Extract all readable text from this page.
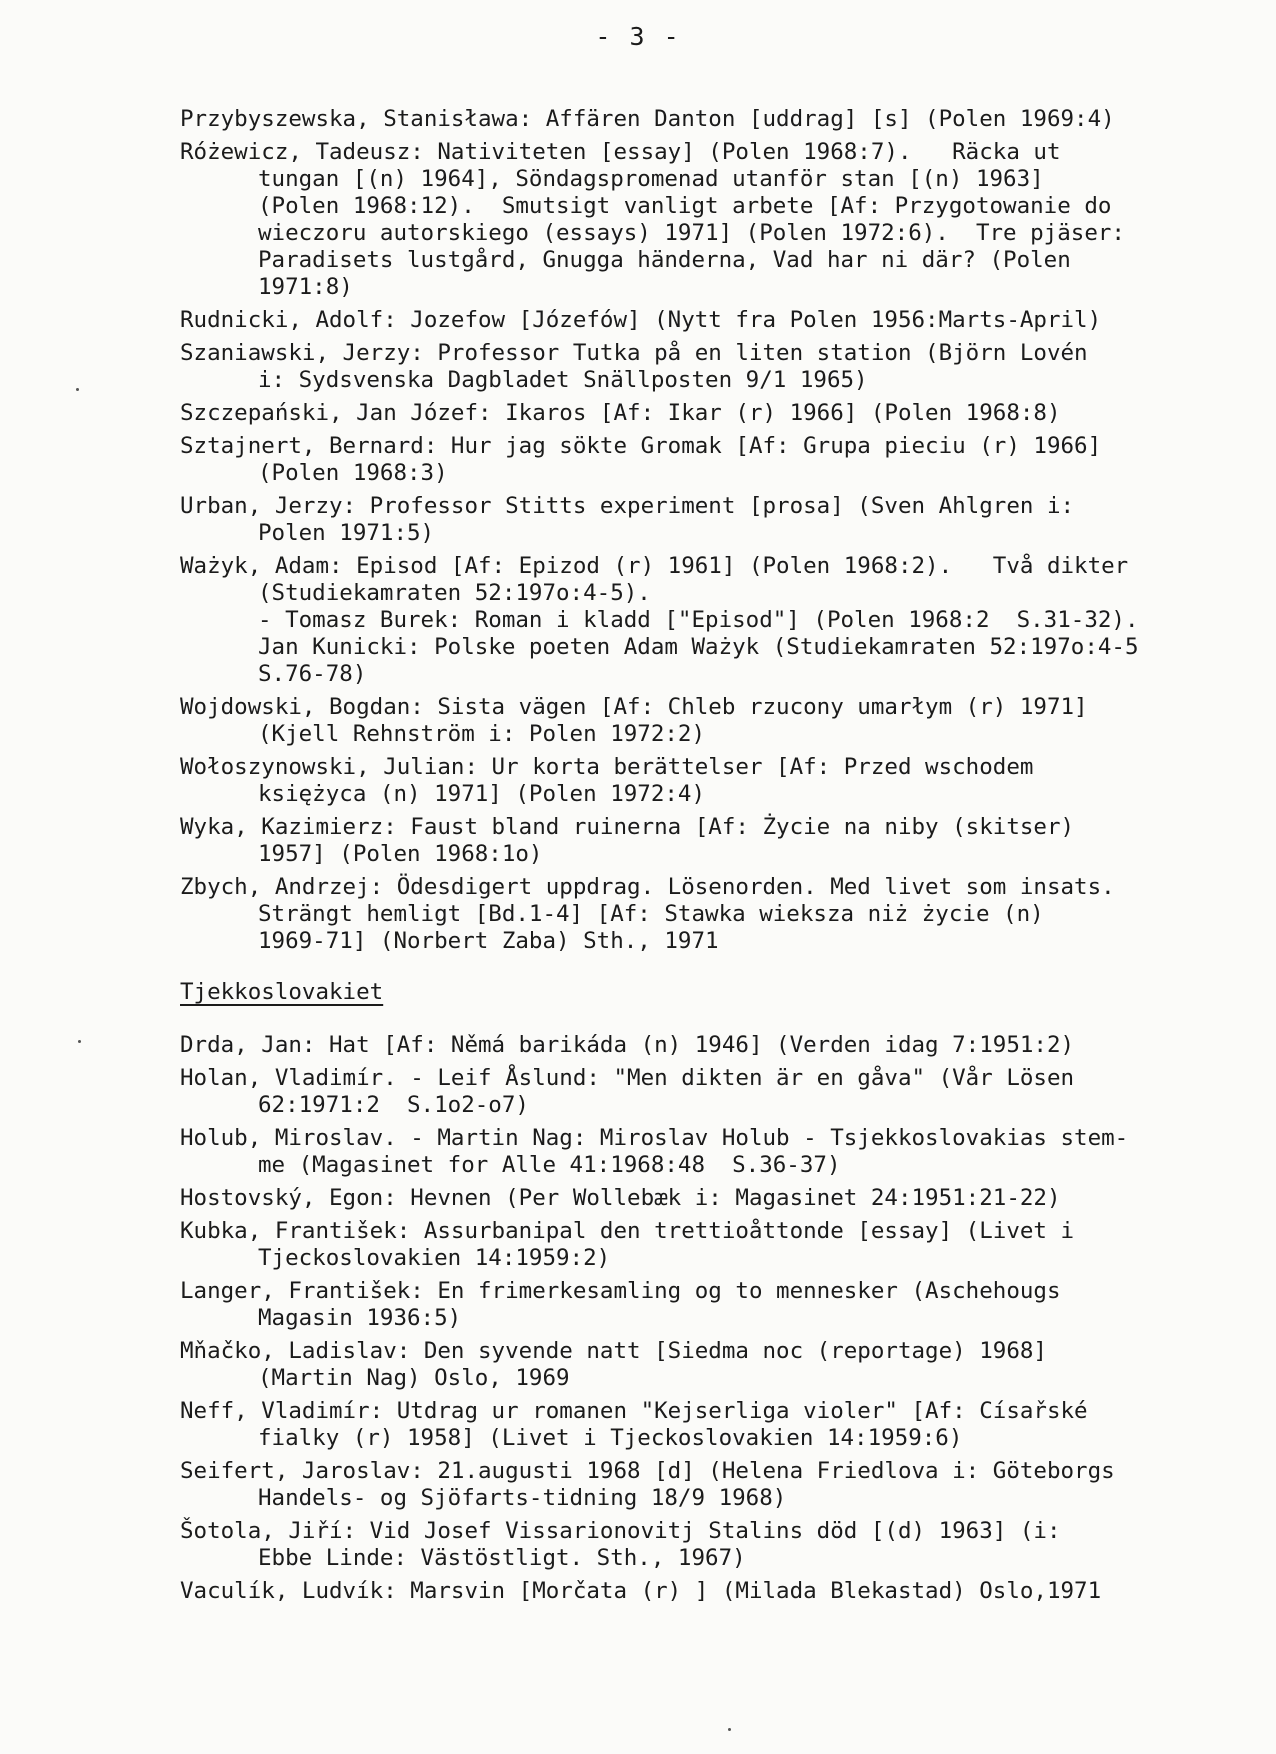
- 3 -
Przybyszewska, Stanisława: Affären Danton [uddrag] [s] (Polen 1969:4)
Różewicz, Tadeusz: Nativiteten [essay] (Polen 1968:7).   Räcka ut
tungan [(n) 1964], Söndagspromenad utanför stan [(n) 1963]
(Polen 1968:12).  Smutsigt vanligt arbete [Af: Przygotowanie do
wieczoru autorskiego (essays) 1971] (Polen 1972:6).  Tre pjäser:
Paradisets lustgård, Gnugga händerna, Vad har ni där? (Polen
1971:8)
Rudnicki, Adolf: Jozefow [Józefów] (Nytt fra Polen 1956:Marts-April)
Szaniawski, Jerzy: Professor Tutka på en liten station (Björn Lovén
i: Sydsvenska Dagbladet Snällposten 9/1 1965)
Szczepański, Jan Józef: Ikaros [Af: Ikar (r) 1966] (Polen 1968:8)
Sztajnert, Bernard: Hur jag sökte Gromak [Af: Grupa pieciu (r) 1966]
(Polen 1968:3)
Urban, Jerzy: Professor Stitts experiment [prosa] (Sven Ahlgren i:
Polen 1971:5)
Ważyk, Adam: Episod [Af: Epizod (r) 1961] (Polen 1968:2).   Två dikter
(Studiekamraten 52:197o:4-5).
- Tomasz Burek: Roman i kladd ["Episod"] (Polen 1968:2  S.31-32).
Jan Kunicki: Polske poeten Adam Ważyk (Studiekamraten 52:197o:4-5
S.76-78)
Wojdowski, Bogdan: Sista vägen [Af: Chleb rzucony umarłym (r) 1971]
(Kjell Rehnström i: Polen 1972:2)
Wołoszynowski, Julian: Ur korta berättelser [Af: Przed wschodem
księżyca (n) 1971] (Polen 1972:4)
Wyka, Kazimierz: Faust bland ruinerna [Af: Życie na niby (skitser)
1957] (Polen 1968:1o)
Zbych, Andrzej: Ödesdigert uppdrag. Lösenorden. Med livet som insats.
Strängt hemligt [Bd.1-4] [Af: Stawka wieksza niż życie (n)
1969-71] (Norbert Zaba) Sth., 1971
Tjekkoslovakiet
Drda, Jan: Hat [Af: Němá barikáda (n) 1946] (Verden idag 7:1951:2)
Holan, Vladimír. - Leif Åslund: "Men dikten är en gåva" (Vår Lösen
62:1971:2  S.1o2-o7)
Holub, Miroslav. - Martin Nag: Miroslav Holub - Tsjekkoslovakias stem-
me (Magasinet for Alle 41:1968:48  S.36-37)
Hostovský, Egon: Hevnen (Per Wollebæk i: Magasinet 24:1951:21-22)
Kubka, František: Assurbanipal den trettioåttonde [essay] (Livet i
Tjeckoslovakien 14:1959:2)
Langer, František: En frimerkesamling og to mennesker (Aschehougs
Magasin 1936:5)
Mňačko, Ladislav: Den syvende natt [Siedma noc (reportage) 1968]
(Martin Nag) Oslo, 1969
Neff, Vladimír: Utdrag ur romanen "Kejserliga violer" [Af: Císařské
fialky (r) 1958] (Livet i Tjeckoslovakien 14:1959:6)
Seifert, Jaroslav: 21.augusti 1968 [d] (Helena Friedlova i: Göteborgs
Handels- og Sjöfarts-tidning 18/9 1968)
Šotola, Jiří: Vid Josef Vissarionovitj Stalins död [(d) 1963] (i:
Ebbe Linde: Västöstligt. Sth., 1967)
Vaculík, Ludvík: Marsvin [Morčata (r) ] (Milada Blekastad) Oslo,1971
